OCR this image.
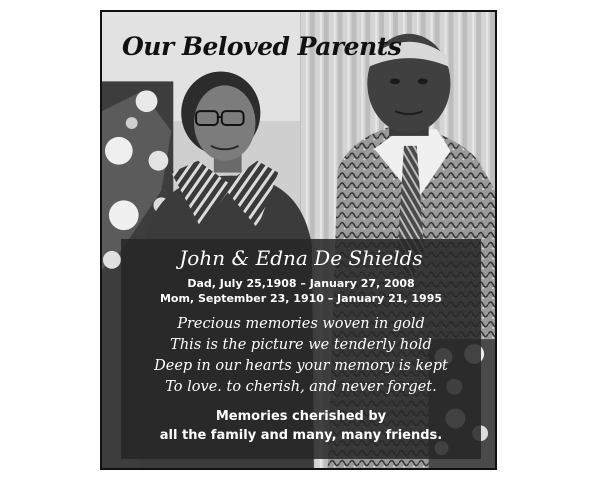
Our Beloved Parents
John & Edna De Shields
Dad, July 25,1908 – January 27, 2008
Mom, September 23, 1910 – January 21, 1995
Precious memories woven in gold
This is the picture we tenderly hold
Deep in our hearts your memory is kept
To love. to cherish, and never forget.
Memories cherished by
all the family and many, many friends.
